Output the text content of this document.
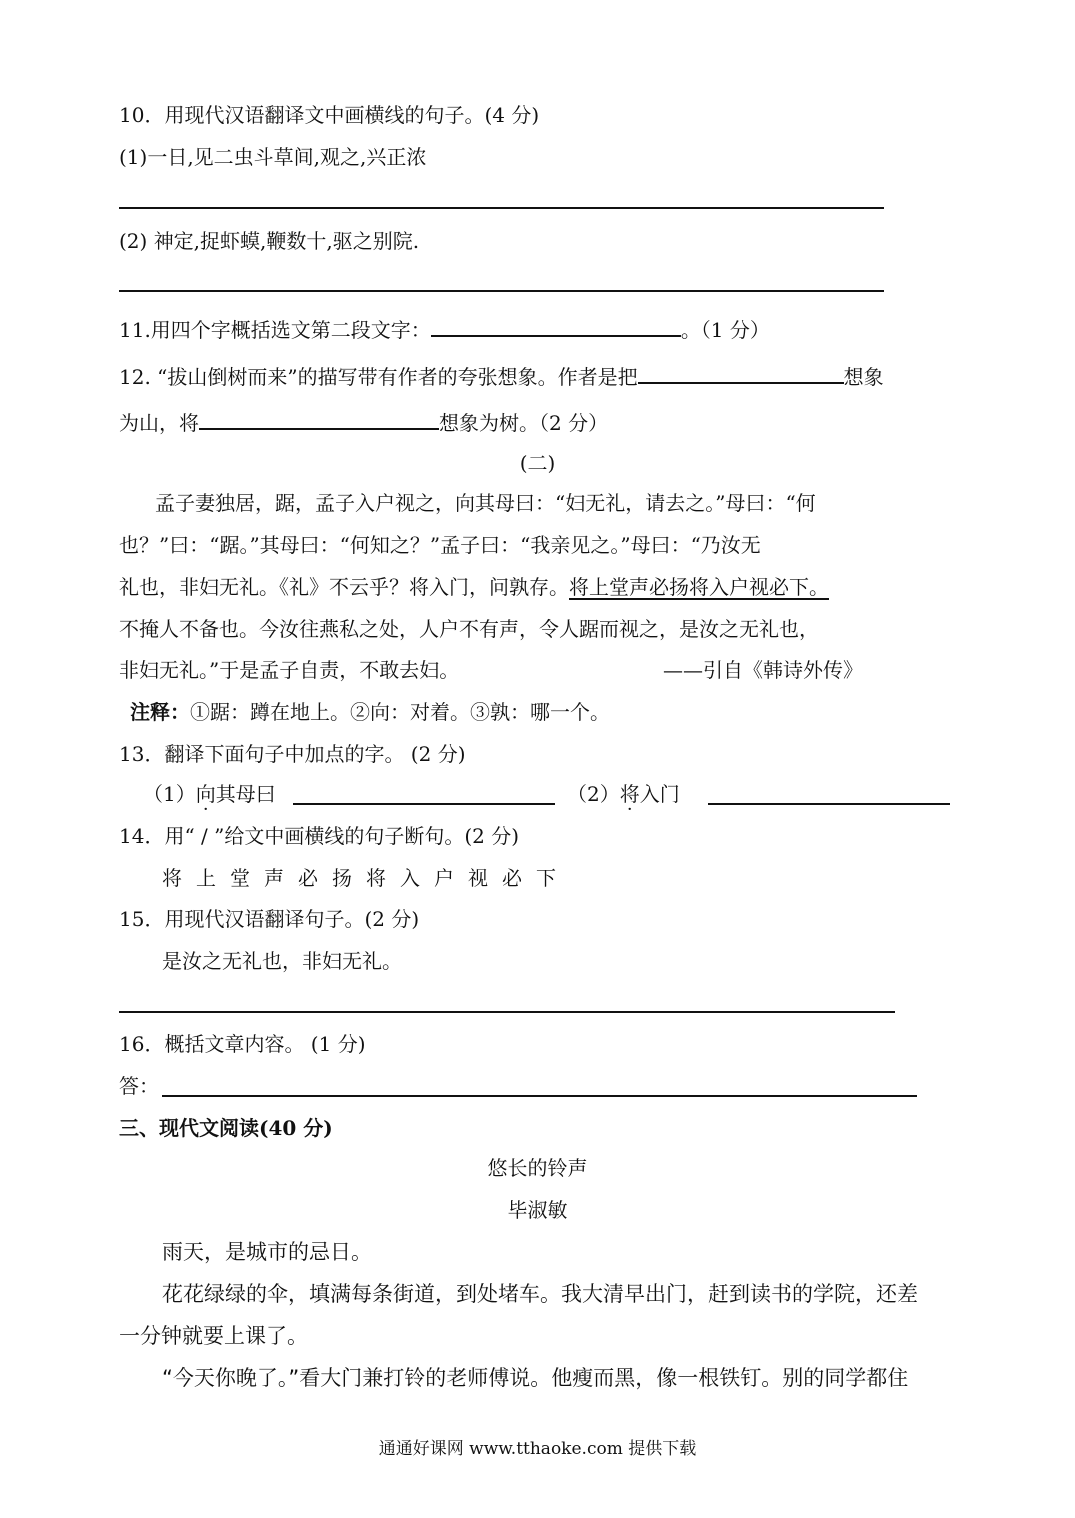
10．用现代汉语翻译文中画横线的句子。(4 分)
(1)一日,见二虫斗草间,观之,兴正浓
(2) 神定,捉虾蟆,鞭数十,驱之别院.
11.用四个字概括选文第二段文字：	。（1 分）
12. “拔山倒树而来”的描写带有作者的夸张想象。作者是把	想象
为山，将	想象为树。（2 分）
(二)
孟子妻独居，踞，孟子入户视之，向其母曰：“妇无礼，请去之。”母曰：“何
也？”曰：“踞。”其母曰：“何知之？”孟子曰：“我亲见之。”母曰：“乃汝无
礼也，非妇无礼。《礼》不云乎？将入门，问孰存。将上堂声必扬将入户视必下。
不掩人不备也。今汝往燕私之处，人户不有声，令人踞而视之，是汝之无礼也，
非妇无礼。”于是孟子自责，不敢去妇。	——引自《韩诗外传》
注释：①踞：蹲在地上。②向：对着。③孰：哪一个。
13．翻译下面句子中加点的字。 (2 分)
（1）向其母曰	（2）将入门
14．用“ / ”给文中画横线的句子断句。(2 分)
将上堂声必扬将入户视必下
15．用现代汉语翻译句子。(2 分)
是汝之无礼也，非妇无礼。
16．概括文章内容。 (1 分)
答：
三、现代文阅读(40 分)
悠长的铃声
毕淑敏
雨天，是城市的忌日。
花花绿绿的伞，填满每条街道，到处堵车。我大清早出门，赶到读书的学院，还差
一分钟就要上课了。
“今天你晚了。”看大门兼打铃的老师傅说。他瘦而黑，像一根铁钉。别的同学都住
通通好课网 www.tthaoke.com 提供下载
